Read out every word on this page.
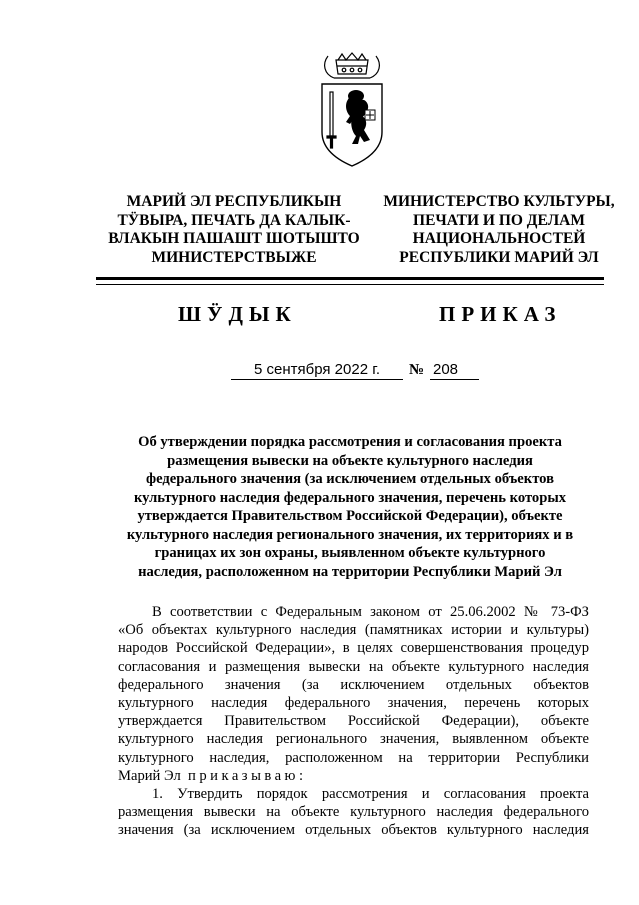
МАРИЙ ЭЛ РЕСПУБЛИКЫН
ТӰВЫРА, ПЕЧАТЬ ДА КАЛЫК-
ВЛАКЫН ПАШАШТ ШОТЫШТО
МИНИСТЕРСТВЫЖЕ
МИНИСТЕРСТВО КУЛЬТУРЫ,
ПЕЧАТИ И ПО ДЕЛАМ
НАЦИОНАЛЬНОСТЕЙ
РЕСПУБЛИКИ МАРИЙ ЭЛ
ШӰДЫК	ПРИКАЗ
5 сентября 2022 г.	№ 208
Об утверждении порядка рассмотрения и согласования проекта
размещения вывески на объекте культурного наследия
федерального значения (за исключением отдельных объектов
культурного наследия федерального значения, перечень которых
утверждается Правительством Российской Федерации), объекте
культурного наследия регионального значения, их территориях и в
границах их зон охраны, выявленном объекте культурного
наследия, расположенном на территории Республики Марий Эл
В соответствии с Федеральным законом от 25.06.2002 № 73-ФЗ
«Об объектах культурного наследия (памятниках истории и культуры)
народов Российской Федерации», в целях совершенствования процедур
согласования и размещения вывески на объекте культурного наследия
федерального значения (за исключением отдельных объектов
культурного наследия федерального значения, перечень которых
утверждается Правительством Российской Федерации), объекте
культурного наследия регионального значения, выявленном объекте
культурного наследия, расположенном на территории Республики
Марий Эл приказываю:
1. Утвердить порядок рассмотрения и согласования проекта
размещения вывески на объекте культурного наследия федерального
значения (за исключением отдельных объектов культурного наследия
